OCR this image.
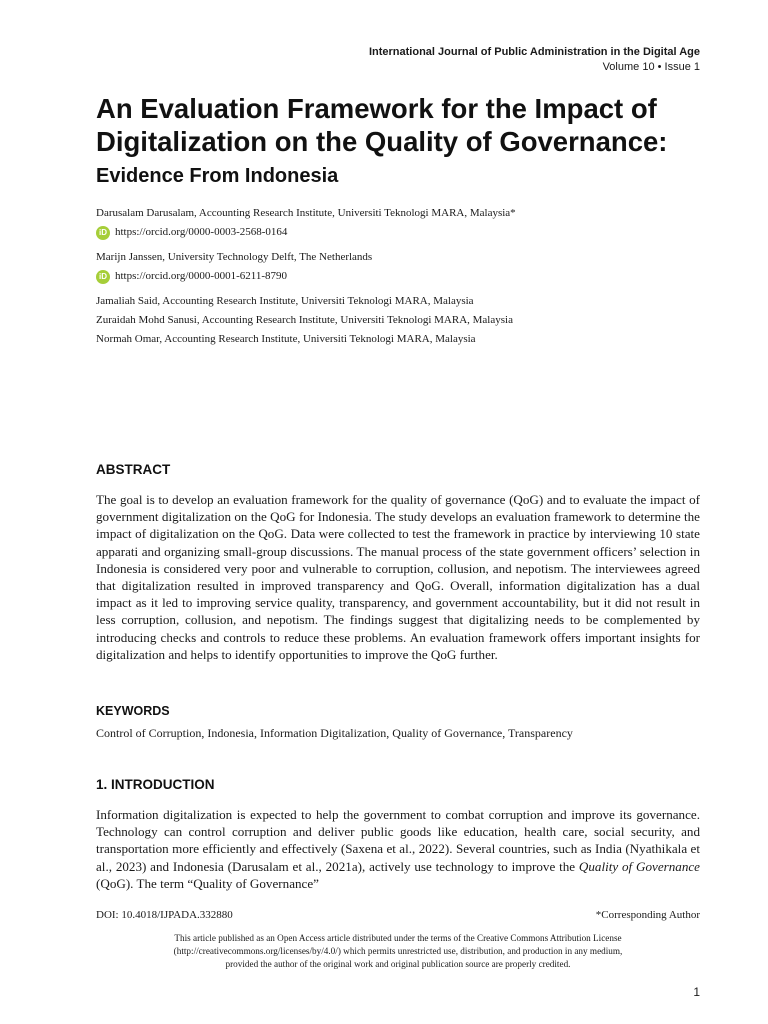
International Journal of Public Administration in the Digital Age
Volume 10 • Issue 1
An Evaluation Framework for the Impact of
Digitalization on the Quality of Governance:
Evidence From Indonesia
Darusalam Darusalam, Accounting Research Institute, Universiti Teknologi MARA, Malaysia*
iD https://orcid.org/0000-0003-2568-0164
Marijn Janssen, University Technology Delft, The Netherlands
iD https://orcid.org/0000-0001-6211-8790
Jamaliah Said, Accounting Research Institute, Universiti Teknologi MARA, Malaysia
Zuraidah Mohd Sanusi, Accounting Research Institute, Universiti Teknologi MARA, Malaysia
Normah Omar, Accounting Research Institute, Universiti Teknologi MARA, Malaysia
ABSTRACT
The goal is to develop an evaluation framework for the quality of governance (QoG) and to evaluate the impact of government digitalization on the QoG for Indonesia. The study develops an evaluation framework to determine the impact of digitalization on the QoG. Data were collected to test the framework in practice by interviewing 10 state apparati and organizing small-group discussions. The manual process of the state government officers’ selection in Indonesia is considered very poor and vulnerable to corruption, collusion, and nepotism. The interviewees agreed that digitalization resulted in improved transparency and QoG. Overall, information digitalization has a dual impact as it led to improving service quality, transparency, and government accountability, but it did not result in less corruption, collusion, and nepotism. The findings suggest that digitalizing needs to be complemented by introducing checks and controls to reduce these problems. An evaluation framework offers important insights for digitalization and helps to identify opportunities to improve the QoG further.
KEYWORDS
Control of Corruption, Indonesia, Information Digitalization, Quality of Governance, Transparency
1. INTRODUCTION
Information digitalization is expected to help the government to combat corruption and improve its governance. Technology can control corruption and deliver public goods like education, health care, social security, and transportation more efficiently and effectively (Saxena et al., 2022). Several countries, such as India (Nyathikala et al., 2023) and Indonesia (Darusalam et al., 2021a), actively use technology to improve the Quality of Governance (QoG). The term “Quality of Governance”
DOI: 10.4018/IJPADA.332880	*Corresponding Author
This article published as an Open Access article distributed under the terms of the Creative Commons Attribution License
(http://creativecommons.org/licenses/by/4.0/) which permits unrestricted use, distribution, and production in any medium,
provided the author of the original work and original publication source are properly credited.
1
